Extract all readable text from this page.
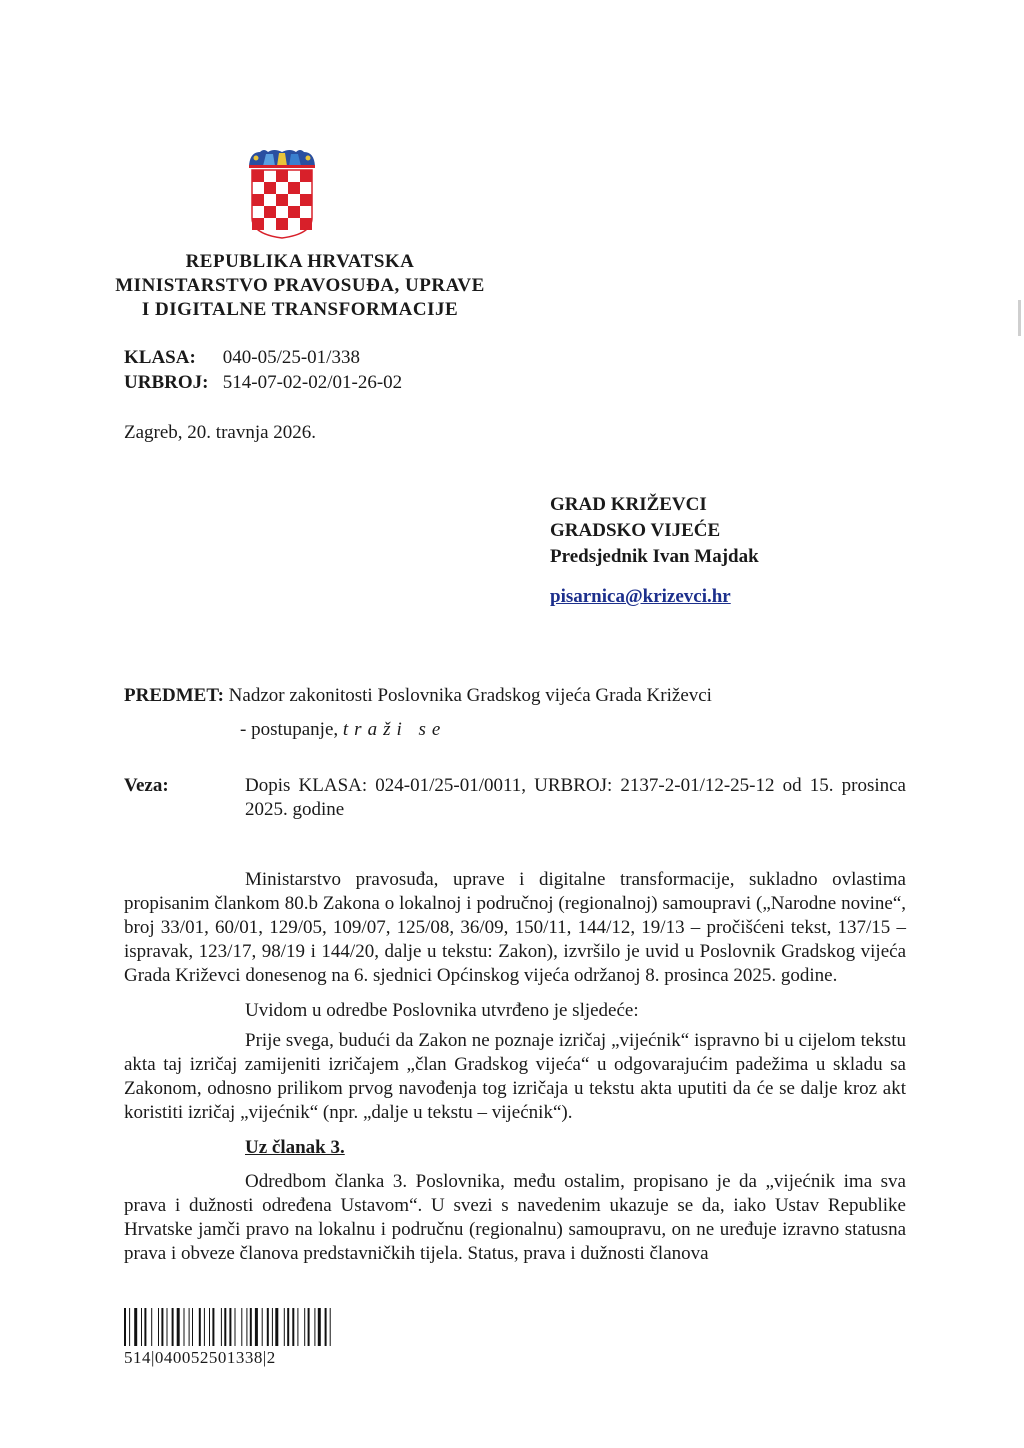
REPUBLIKA HRVATSKA
MINISTARSTVO PRAVOSUĐA, UPRAVE
I DIGITALNE TRANSFORMACIJE
KLASA: 040-05/25-01/338
URBROJ: 514-07-02-02/01-26-02
Zagreb, 20. travnja 2026.
GRAD KRIŽEVCI
GRADSKO VIJEĆE
Predsjednik Ivan Majdak
pisarnica@krizevci.hr
PREDMET: Nadzor zakonitosti Poslovnika Gradskog vijeća Grada Križevci
- postupanje, traži se
Veza:	Dopis KLASA: 024-01/25-01/0011, URBROJ: 2137-2-01/12-25-12 od 15. prosinca 2025. godine

Ministarstvo pravosuđa, uprave i digitalne transformacije, sukladno ovlastima propisanim člankom 80.b Zakona o lokalnoj i područnoj (regionalnoj) samoupravi („Narodne novine“, broj 33/01, 60/01, 129/05, 109/07, 125/08, 36/09, 150/11, 144/12, 19/13 – pročišćeni tekst, 137/15 – ispravak, 123/17, 98/19 i 144/20, dalje u tekstu: Zakon), izvršilo je uvid u Poslovnik Gradskog vijeća Grada Križevci donesenog na 6. sjednici Općinskog vijeća održanoj 8. prosinca 2025. godine.

Uvidom u odredbe Poslovnika utvrđeno je sljedeće:

Prije svega, budući da Zakon ne poznaje izričaj „vijećnik“ ispravno bi u cijelom tekstu akta taj izričaj zamijeniti izričajem „član Gradskog vijeća“ u odgovarajućim padežima u skladu sa Zakonom, odnosno prilikom prvog navođenja tog izričaja u tekstu akta uputiti da će se dalje kroz akt koristiti izričaj „vijećnik“ (npr. „dalje u tekstu – vijećnik“).

Uz članak 3.

Odredbom članka 3. Poslovnika, među ostalim, propisano je da „vijećnik ima sva prava i dužnosti određena Ustavom“. U svezi s navedenim ukazuje se da, iako Ustav Republike Hrvatske jamči pravo na lokalnu i područnu (regionalnu) samoupravu, on ne uređuje izravno statusna prava i obveze članova predstavničkih tijela. Status, prava i dužnosti članova

514|040052501338|2
